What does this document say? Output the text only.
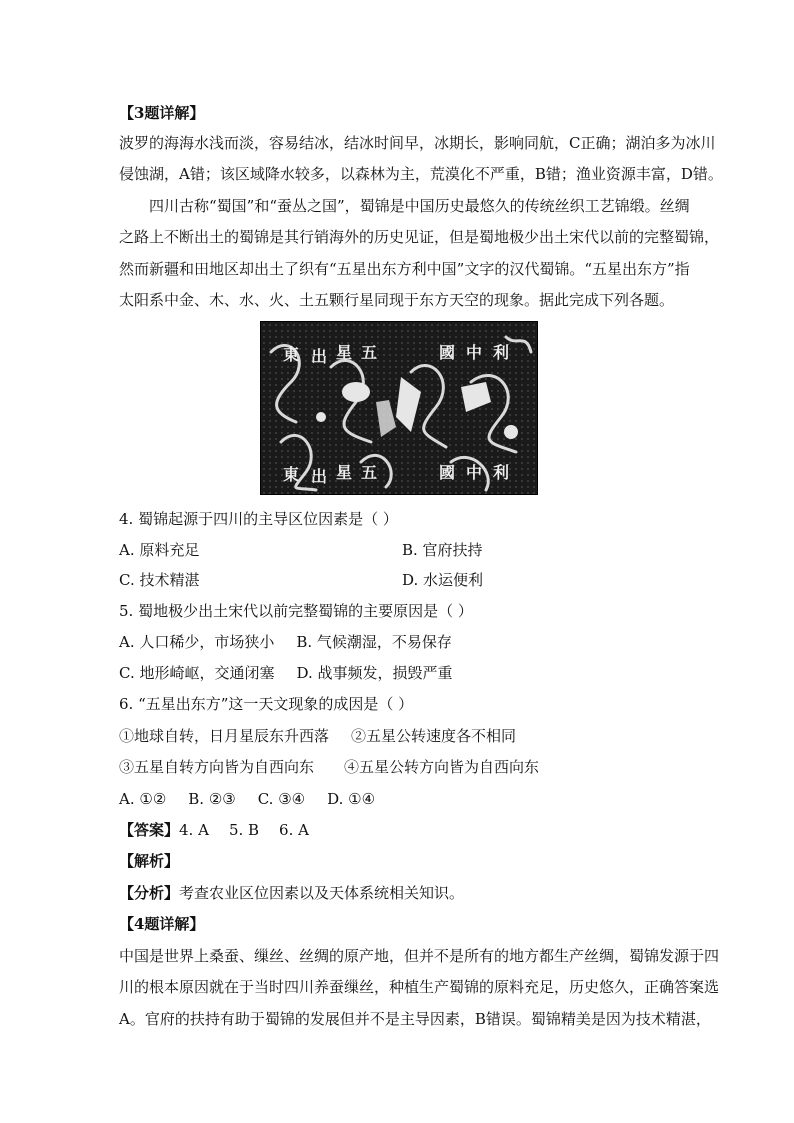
【3题详解】
波罗的海海水浅而淡，容易结冰，结冰时间早，冰期长，影响同航，C正确；湖泊多为冰川
侵蚀湖，A错；该区域降水较多，以森林为主，荒漠化不严重，B错；渔业资源丰富，D错。
四川古称“蜀国”和“蚕丛之国”，蜀锦是中国历史最悠久的传统丝织工艺锦缎。丝绸
之路上不断出土的蜀锦是其行销海外的历史见证，但是蜀地极少出土宋代以前的完整蜀锦，
然而新疆和田地区却出土了织有“五星出东方利中国”文字的汉代蜀锦。“五星出东方”指
太阳系中金、木、水、火、土五颗行星同现于东方天空的现象。据此完成下列各题。
東 出 星 五	國 中 利
東 出 星 五	國 中 利
4. 蜀锦起源于四川的主导区位因素是（ ）
A. 原料充足	B. 官府扶持
C. 技术精湛	D. 水运便利
5. 蜀地极少出土宋代以前完整蜀锦的主要原因是（ ）
A. 人口稀少，市场狭小 B. 气候潮湿，不易保存
C. 地形崎岖，交通闭塞 D. 战事频发，损毁严重
6. “五星出东方”这一天文现象的成因是（ ）
①地球自转，日月星辰东升西落 ②五星公转速度各不相同
③五星自转方向皆为自西向东 ④五星公转方向皆为自西向东
A. ①② B. ②③ C. ③④ D. ①④
【答案】4. A 5. B 6. A
【解析】
【分析】考查农业区位因素以及天体系统相关知识。
【4题详解】
中国是世界上桑蚕、缫丝、丝绸的原产地，但并不是所有的地方都生产丝绸，蜀锦发源于四
川的根本原因就在于当时四川养蚕缫丝，种植生产蜀锦的原料充足，历史悠久，正确答案选
A。官府的扶持有助于蜀锦的发展但并不是主导因素，B错误。蜀锦精美是因为技术精湛，
